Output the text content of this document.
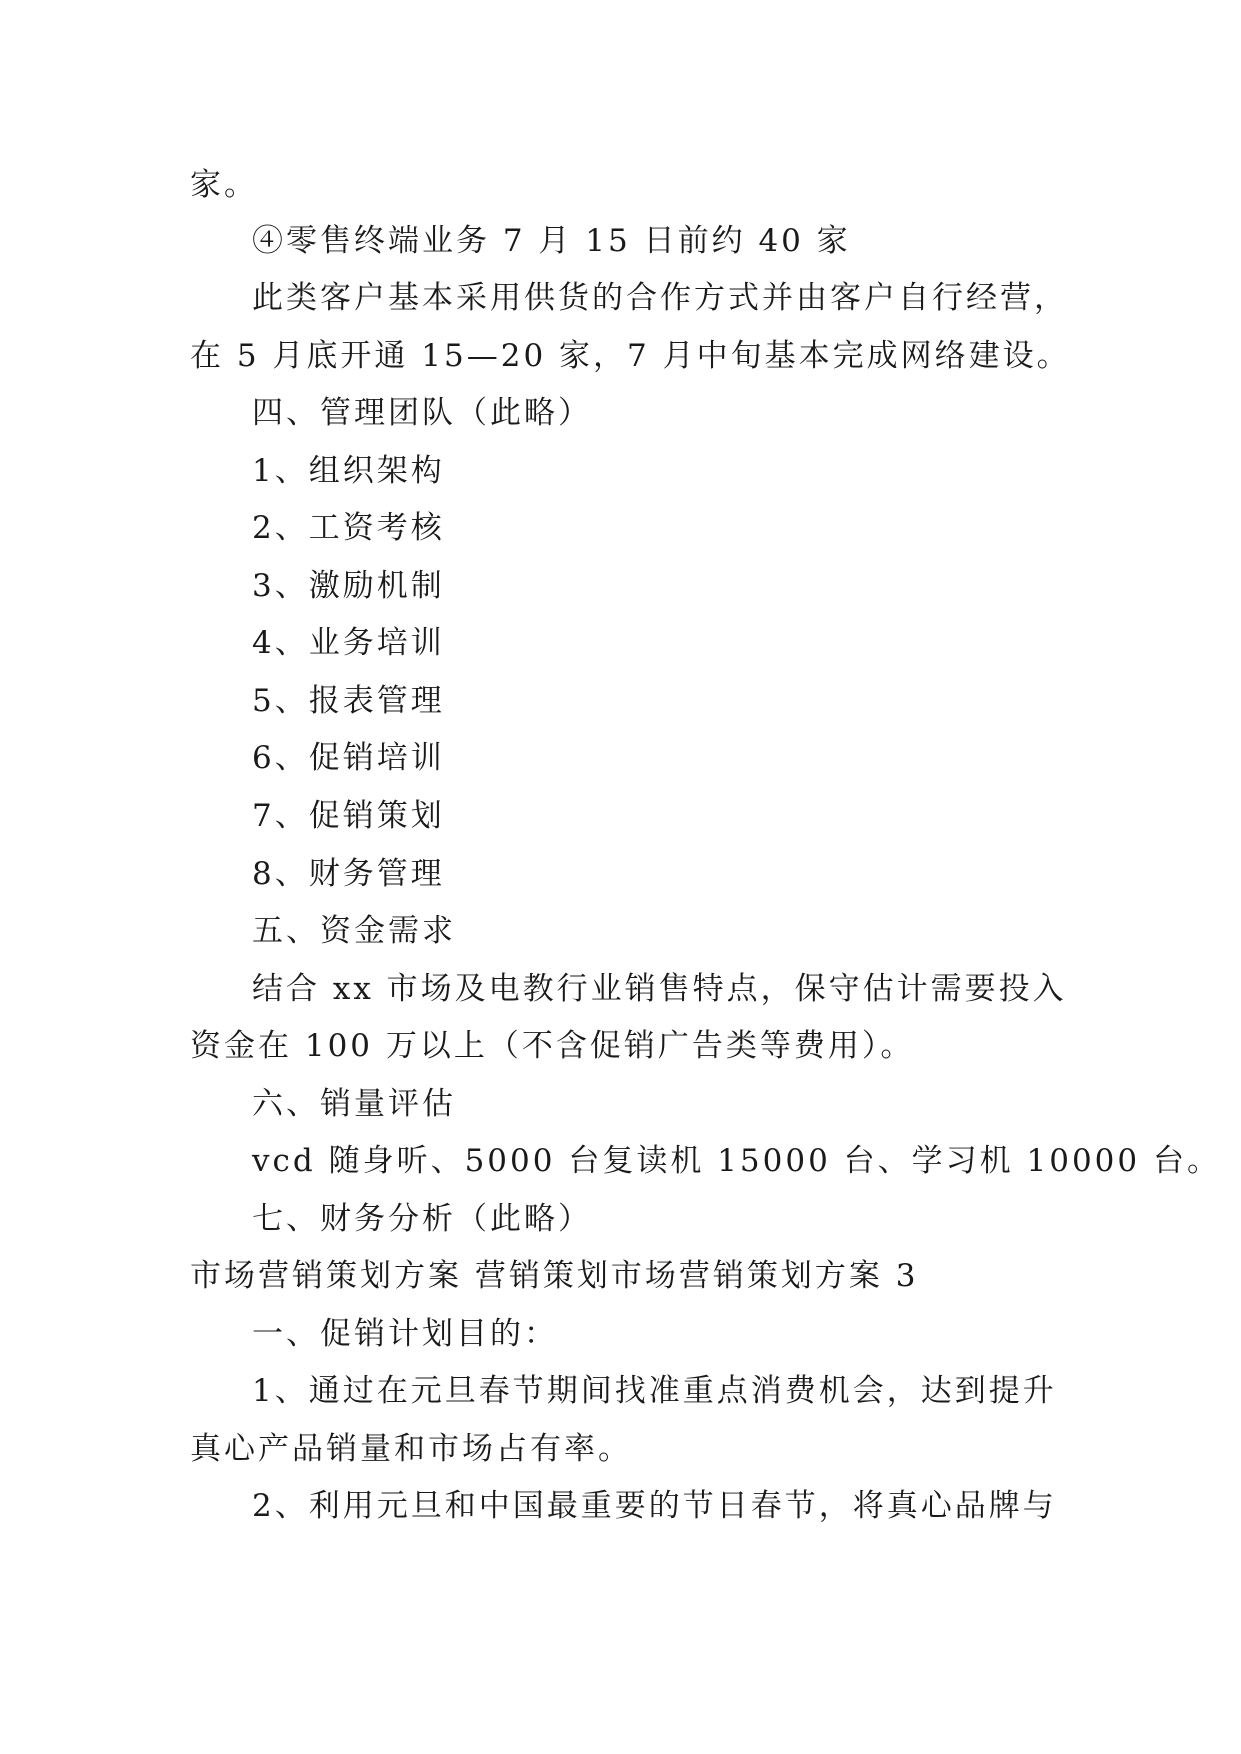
家。
④零售终端业务 7 月 15 日前约 40 家
此类客户基本采用供货的合作方式并由客户自行经营，
在 5 月底开通 15—20 家，7 月中旬基本完成网络建设。
四、管理团队（此略）
1、组织架构
2、工资考核
3、激励机制
4、业务培训
5、报表管理
6、促销培训
7、促销策划
8、财务管理
五、资金需求
结合 xx 市场及电教行业销售特点，保守估计需要投入
资金在 100 万以上（不含促销广告类等费用）。
六、销量评估
vcd 随身听、5000 台复读机 15000 台、学习机 10000 台。
七、财务分析（此略）
市场营销策划方案 营销策划市场营销策划方案 3
一、促销计划目的：
1、通过在元旦春节期间找准重点消费机会，达到提升
真心产品销量和市场占有率。
2、利用元旦和中国最重要的节日春节，将真心品牌与
